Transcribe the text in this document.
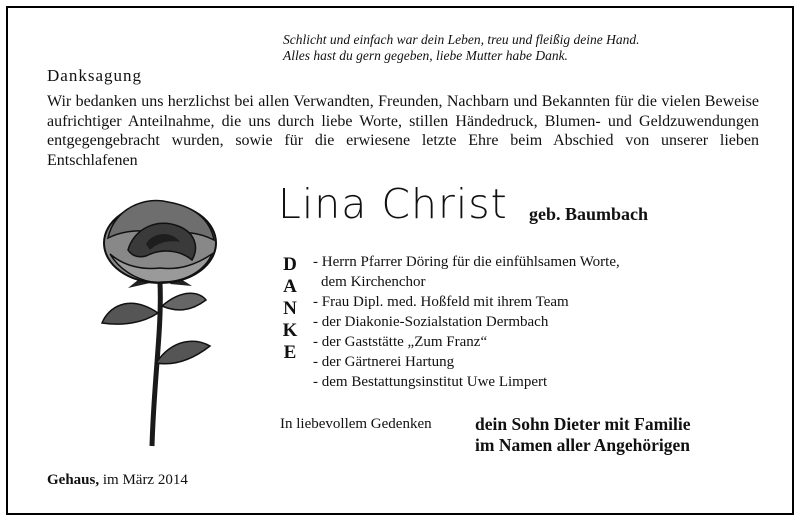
Schlicht und einfach war dein Leben, treu und fleißig deine Hand.
Alles hast du gern gegeben, liebe Mutter habe Dank.
Danksagung
Wir bedanken uns herzlichst bei allen Verwandten, Freunden, Nachbarn und Bekannten für die vielen Beweise aufrichtiger Anteilnahme, die uns durch liebe Worte, stillen Händedruck, Blumen- und Geldzuwendungen entgegengebracht wurden, sowie für die erwiesene letzte Ehre beim Abschied von unserer lieben Entschlafenen
Lina Christ geb. Baumbach
D
A
N
K
E
- Herrn Pfarrer Döring für die einfühlsamen Worte,
dem Kirchenchor
- Frau Dipl. med. Hoßfeld mit ihrem Team
- der Diakonie-Sozialstation Dermbach
- der Gaststätte „Zum Franz“
- der Gärtnerei Hartung
- dem Bestattungsinstitut Uwe Limpert
In liebevollem Gedenken dein Sohn Dieter mit Familie
im Namen aller Angehörigen
Gehaus, im März 2014
